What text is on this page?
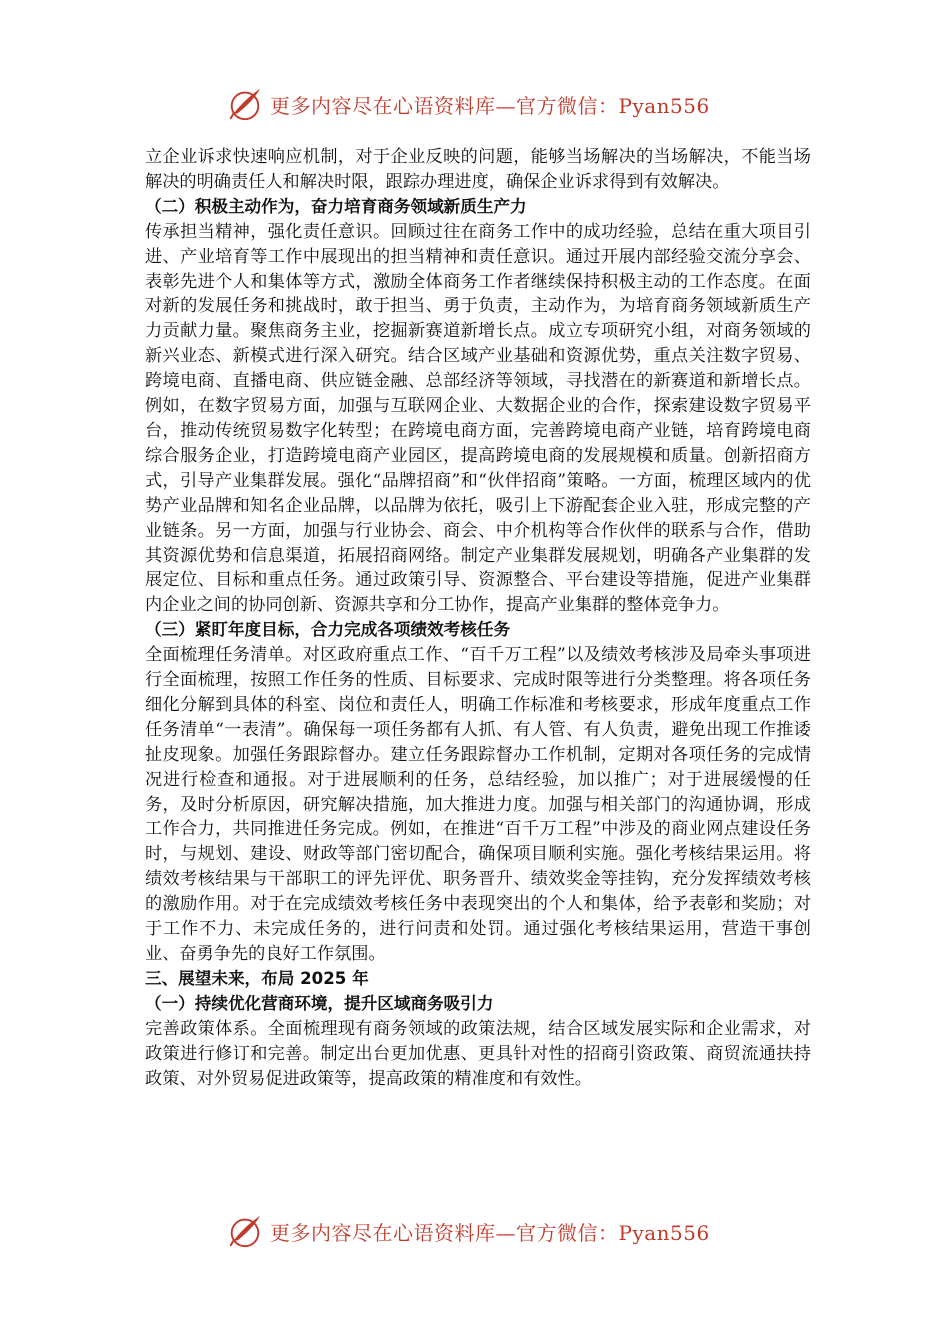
更多内容尽在心语资料库—官方微信：Pyan556

立企业诉求快速响应机制，对于企业反映的问题，能够当场解决的当场解决，不能当场解决的明确责任人和解决时限，跟踪办理进度，确保企业诉求得到有效解决。

（二）积极主动作为，奋力培育商务领域新质生产力

传承担当精神，强化责任意识。回顾过往在商务工作中的成功经验，总结在重大项目引进、产业培育等工作中展现出的担当精神和责任意识。通过开展内部经验交流分享会、表彰先进个人和集体等方式，激励全体商务工作者继续保持积极主动的工作态度。在面对新的发展任务和挑战时，敢于担当、勇于负责，主动作为，为培育商务领域新质生产力贡献力量。聚焦商务主业，挖掘新赛道新增长点。成立专项研究小组，对商务领域的新兴业态、新模式进行深入研究。结合区域产业基础和资源优势，重点关注数字贸易、跨境电商、直播电商、供应链金融、总部经济等领域，寻找潜在的新赛道和新增长点。例如，在数字贸易方面，加强与互联网企业、大数据企业的合作，探索建设数字贸易平台，推动传统贸易数字化转型；在跨境电商方面，完善跨境电商产业链，培育跨境电商综合服务企业，打造跨境电商产业园区，提高跨境电商的发展规模和质量。创新招商方式，引导产业集群发展。强化“品牌招商”和“伙伴招商”策略。一方面，梳理区域内的优势产业品牌和知名企业品牌，以品牌为依托，吸引上下游配套企业入驻，形成完整的产业链条。另一方面，加强与行业协会、商会、中介机构等合作伙伴的联系与合作，借助其资源优势和信息渠道，拓展招商网络。制定产业集群发展规划，明确各产业集群的发展定位、目标和重点任务。通过政策引导、资源整合、平台建设等措施，促进产业集群内企业之间的协同创新、资源共享和分工协作，提高产业集群的整体竞争力。

（三）紧盯年度目标，合力完成各项绩效考核任务

全面梳理任务清单。对区政府重点工作、“百千万工程”以及绩效考核涉及局牵头事项进行全面梳理，按照工作任务的性质、目标要求、完成时限等进行分类整理。将各项任务细化分解到具体的科室、岗位和责任人，明确工作标准和考核要求，形成年度重点工作任务清单“一表清”。确保每一项任务都有人抓、有人管、有人负责，避免出现工作推诿扯皮现象。加强任务跟踪督办。建立任务跟踪督办工作机制，定期对各项任务的完成情况进行检查和通报。对于进展顺利的任务，总结经验，加以推广；对于进展缓慢的任务，及时分析原因，研究解决措施，加大推进力度。加强与相关部门的沟通协调，形成工作合力，共同推进任务完成。例如，在推进“百千万工程”中涉及的商业网点建设任务时，与规划、建设、财政等部门密切配合，确保项目顺利实施。强化考核结果运用。将绩效考核结果与干部职工的评先评优、职务晋升、绩效奖金等挂钩，充分发挥绩效考核的激励作用。对于在完成绩效考核任务中表现突出的个人和集体，给予表彰和奖励；对于工作不力、未完成任务的，进行问责和处罚。通过强化考核结果运用，营造干事创业、奋勇争先的良好工作氛围。

三、展望未来，布局 2025 年

（一）持续优化营商环境，提升区域商务吸引力

完善政策体系。全面梳理现有商务领域的政策法规，结合区域发展实际和企业需求，对政策进行修订和完善。制定出台更加优惠、更具针对性的招商引资政策、商贸流通扶持政策、对外贸易促进政策等，提高政策的精准度和有效性。

更多内容尽在心语资料库—官方微信：Pyan556
